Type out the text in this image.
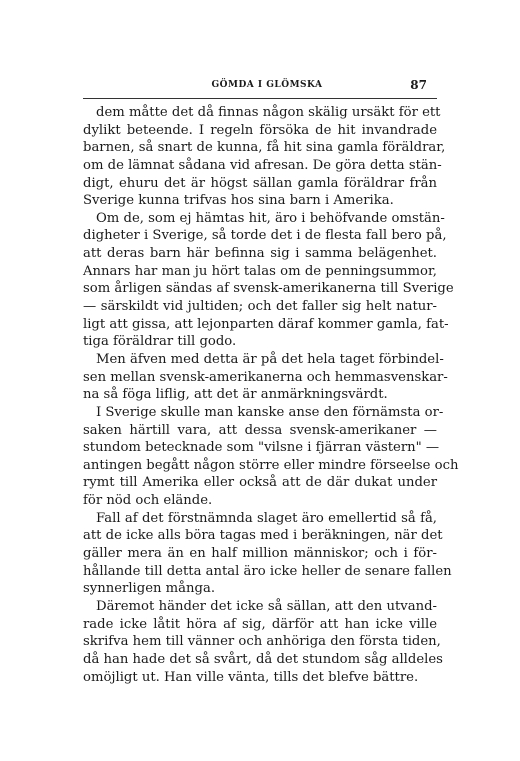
GÖMDA I GLÖMSKA	87
dem måtte det då finnas någon skälig ursäkt för ett
dylikt beteende. I regeln försöka de hit invandrade
barnen, så snart de kunna, få hit sina gamla föräldrar,
om de lämnat sådana vid afresan. De göra detta stän-
digt, ehuru det är högst sällan gamla föräldrar från
Sverige kunna trifvas hos sina barn i Amerika.
Om de, som ej hämtas hit, äro i behöfvande omstän-
digheter i Sverige, så torde det i de flesta fall bero på,
att deras barn här befinna sig i samma belägenhet.
Annars har man ju hört talas om de penningsummor,
som årligen sändas af svensk-amerikanerna till Sverige
— särskildt vid jultiden; och det faller sig helt natur-
ligt att gissa, att lejonparten däraf kommer gamla, fat-
tiga föräldrar till godo.
Men äfven med detta är på det hela taget förbindel-
sen mellan svensk-amerikanerna och hemmasvenskar-
na så föga liflig, att det är anmärkningsvärdt.
I Sverige skulle man kanske anse den förnämsta or-
saken härtill vara, att dessa svensk-amerikaner —
stundom betecknade som "vilsne i fjärran västern" —
antingen begått någon större eller mindre förseelse och
rymt till Amerika eller också att de där dukat under
för nöd och elände.
Fall af det förstnämnda slaget äro emellertid så få,
att de icke alls böra tagas med i beräkningen, när det
gäller mera än en half million människor; och i för-
hållande till detta antal äro icke heller de senare fallen
synnerligen många.
Däremot händer det icke så sällan, att den utvand-
rade icke låtit höra af sig, därför att han icke ville
skrifva hem till vänner och anhöriga den första tiden,
då han hade det så svårt, då det stundom såg alldeles
omöjligt ut. Han ville vänta, tills det blefve bättre.
